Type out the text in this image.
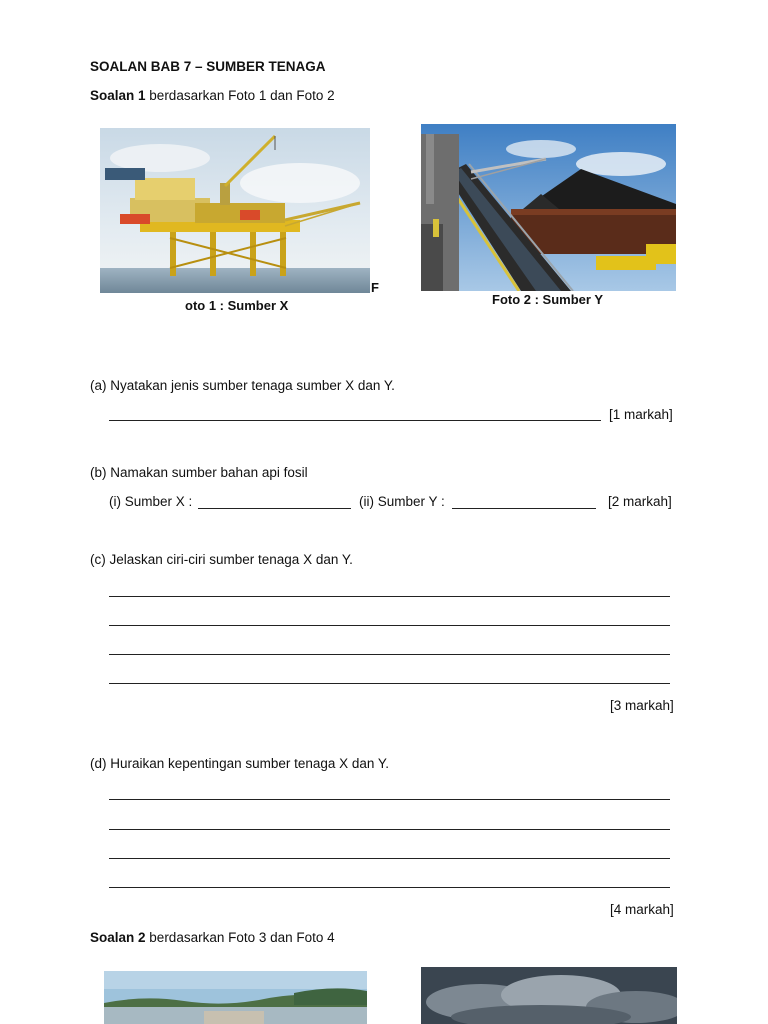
SOALAN BAB 7 – SUMBER TENAGA
Soalan 1 berdasarkan Foto 1 dan Foto 2
F
oto 1 : Sumber X	Foto 2 : Sumber Y
(a) Nyatakan jenis sumber tenaga sumber X dan Y.
[1 markah]
(b) Namakan sumber bahan api fosil
(i) Sumber X :	(ii) Sumber Y :	[2 markah]
(c) Jelaskan ciri-ciri sumber tenaga X dan Y.
[3 markah]
(d) Huraikan kepentingan sumber tenaga X dan Y.
[4 markah]
Soalan 2 berdasarkan Foto 3 dan Foto 4
